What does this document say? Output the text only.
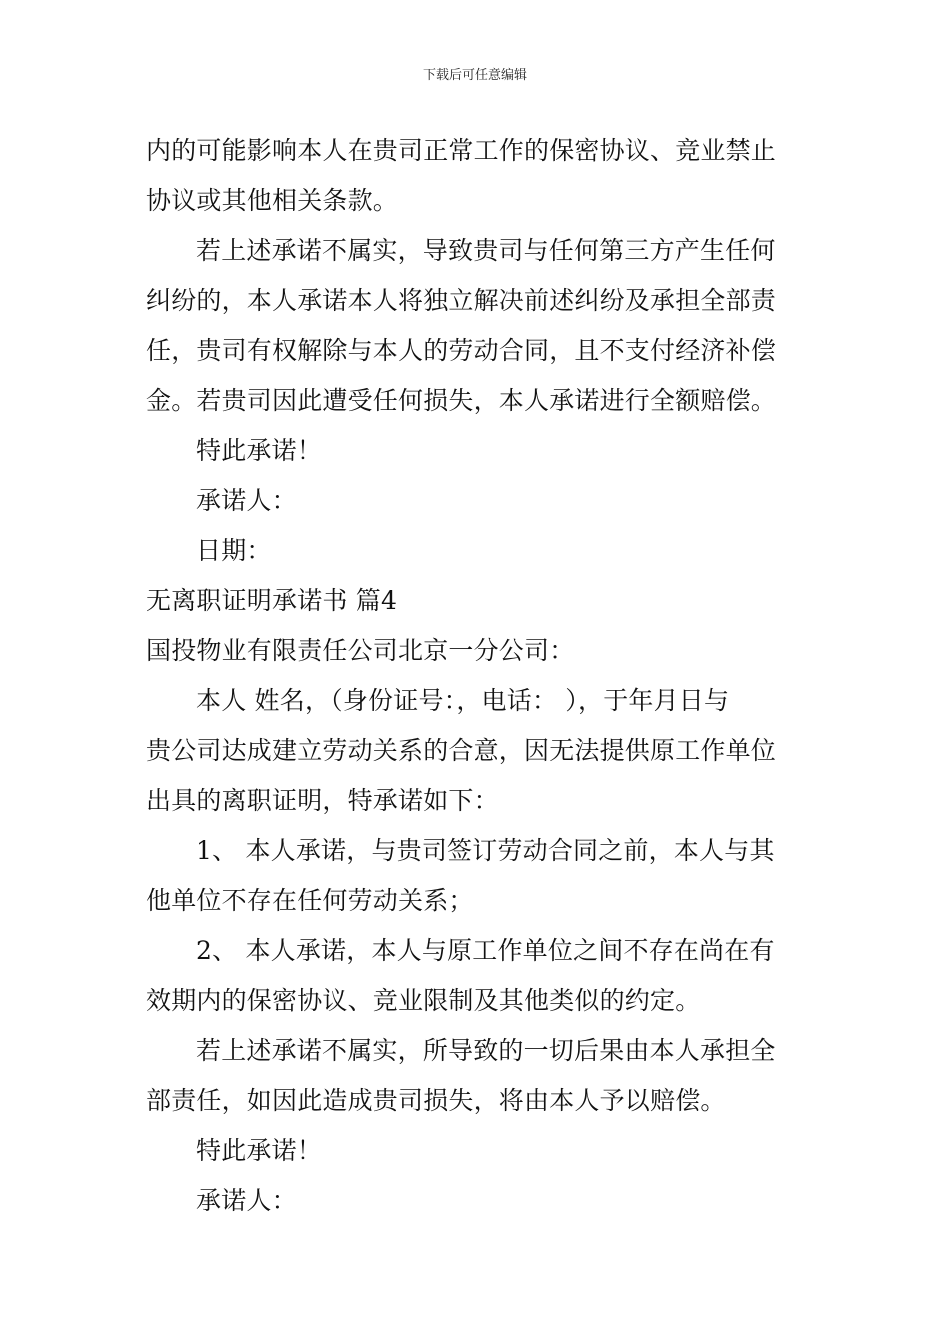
下载后可任意编辑
内的可能影响本人在贵司正常工作的保密协议、竞业禁止
协议或其他相关条款。
若上述承诺不属实，导致贵司与任何第三方产生任何
纠纷的，本人承诺本人将独立解决前述纠纷及承担全部责
任，贵司有权解除与本人的劳动合同，且不支付经济补偿
金。若贵司因此遭受任何损失，本人承诺进行全额赔偿。
特此承诺！
承诺人：
日期：
无离职证明承诺书 篇4
国投物业有限责任公司北京一分公司：
本人 姓名，（身份证号：，电话： ），于年月日与
贵公司达成建立劳动关系的合意，因无法提供原工作单位
出具的离职证明，特承诺如下：
1、 本人承诺，与贵司签订劳动合同之前，本人与其
他单位不存在任何劳动关系；
2、 本人承诺，本人与原工作单位之间不存在尚在有
效期内的保密协议、竞业限制及其他类似的约定。
若上述承诺不属实，所导致的一切后果由本人承担全
部责任，如因此造成贵司损失，将由本人予以赔偿。
特此承诺！
承诺人：
